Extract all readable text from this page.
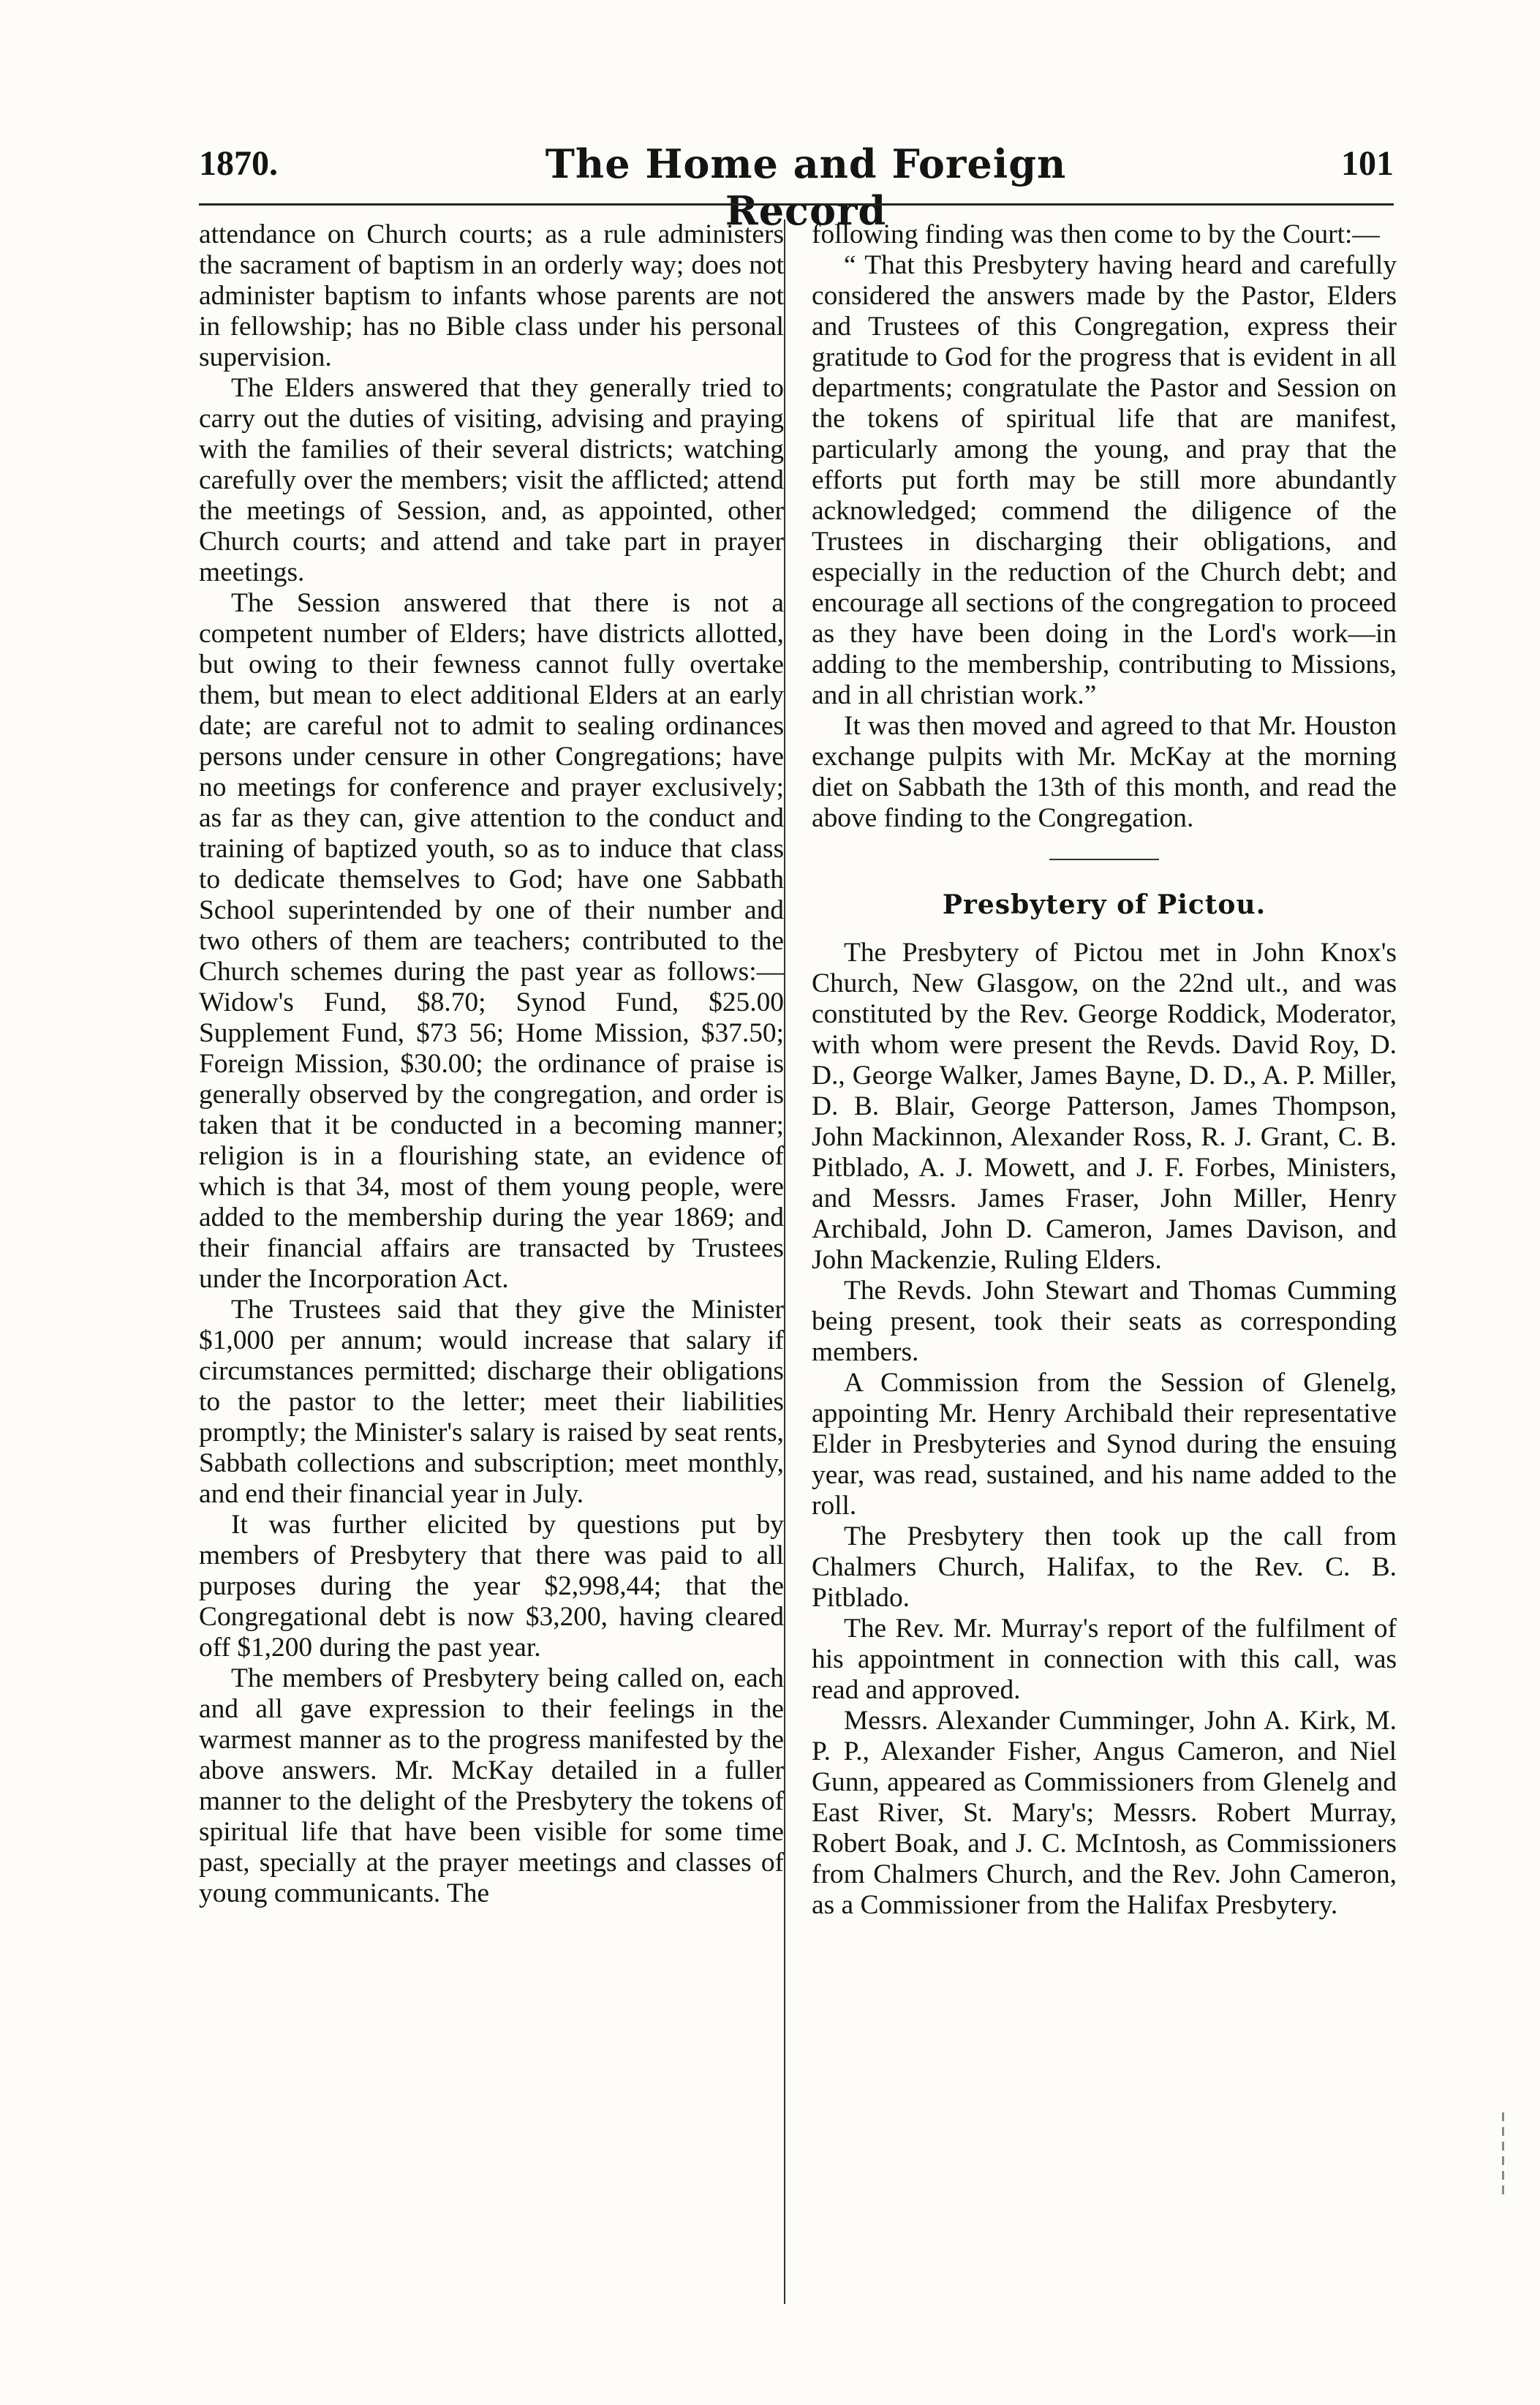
1870.	The Home and Foreign Record
101

attendance on Church courts; as a rule administers the sacrament of baptism in an orderly way; does not administer baptism to infants whose parents are not in fellowship; has no Bible class under his personal supervision.

The Elders answered that they generally tried to carry out the duties of visiting, advising and praying with the families of their several districts; watching carefully over the members; visit the afflicted; attend the meetings of Session, and, as appointed, other Church courts; and attend and take part in prayer meetings.

The Session answered that there is not a competent number of Elders; have districts allotted, but owing to their fewness cannot fully overtake them, but mean to elect additional Elders at an early date; are careful not to admit to sealing ordinances persons under censure in other Congregations; have no meetings for conference and prayer exclusively; as far as they can, give attention to the conduct and training of baptized youth, so as to induce that class to dedicate themselves to God; have one Sabbath School superintended by one of their number and two others of them are teachers; contributed to the Church schemes during the past year as follows:—Widow's Fund, $8.70; Synod Fund, $25.00 Supplement Fund, $73 56; Home Mission, $37.50; Foreign Mission, $30.00; the ordinance of praise is generally observed by the congregation, and order is taken that it be conducted in a becoming manner; religion is in a flourishing state, an evidence of which is that 34, most of them young people, were added to the membership during the year 1869; and their financial affairs are transacted by Trustees under the Incorporation Act.

The Trustees said that they give the Minister $1,000 per annum; would increase that salary if circumstances permitted; discharge their obligations to the pastor to the letter; meet their liabilities promptly; the Minister's salary is raised by seat rents, Sabbath collections and subscription; meet monthly, and end their financial year in July.

It was further elicited by questions put by members of Presbytery that there was paid to all purposes during the year $2,998,44; that the Congregational debt is now $3,200, having cleared off $1,200 during the past year.

The members of Presbytery being called on, each and all gave expression to their feelings in the warmest manner as to the progress manifested by the above answers. Mr. McKay detailed in a fuller manner to the delight of the Presbytery the tokens of spiritual life that have been visible for some time past, specially at the prayer meetings and classes of young communicants. The

following finding was then come to by the Court:—

“ That this Presbytery having heard and carefully considered the answers made by the Pastor, Elders and Trustees of this Congregation, express their gratitude to God for the progress that is evident in all departments; congratulate the Pastor and Session on the tokens of spiritual life that are manifest, particularly among the young, and pray that the efforts put forth may be still more abundantly acknowledged; commend the diligence of the Trustees in discharging their obligations, and especially in the reduction of the Church debt; and encourage all sections of the congregation to proceed as they have been doing in the Lord's work—in adding to the membership, contributing to Missions, and in all christian work.”

It was then moved and agreed to that Mr. Houston exchange pulpits with Mr. McKay at the morning diet on Sabbath the 13th of this month, and read the above finding to the Congregation.

Presbytery of Pictou.

The Presbytery of Pictou met in John Knox's Church, New Glasgow, on the 22nd ult., and was constituted by the Rev. George Roddick, Moderator, with whom were present the Revds. David Roy, D. D., George Walker, James Bayne, D. D., A. P. Miller, D. B. Blair, George Patterson, James Thompson, John Mackinnon, Alexander Ross, R. J. Grant, C. B. Pitblado, A. J. Mowett, and J. F. Forbes, Ministers, and Messrs. James Fraser, John Miller, Henry Archibald, John D. Cameron, James Davison, and John Mackenzie, Ruling Elders.

The Revds. John Stewart and Thomas Cumming being present, took their seats as corresponding members.

A Commission from the Session of Glenelg, appointing Mr. Henry Archibald their representative Elder in Presbyteries and Synod during the ensuing year, was read, sustained, and his name added to the roll.

The Presbytery then took up the call from Chalmers Church, Halifax, to the Rev. C. B. Pitblado.

The Rev. Mr. Murray's report of the fulfilment of his appointment in connection with this call, was read and approved.

Messrs. Alexander Cumminger, John A. Kirk, M. P. P., Alexander Fisher, Angus Cameron, and Niel Gunn, appeared as Commissioners from Glenelg and East River, St. Mary's; Messrs. Robert Murray, Robert Boak, and J. C. McIntosh, as Commissioners from Chalmers Church, and the Rev. John Cameron, as a Commissioner from the Halifax Presbytery.
